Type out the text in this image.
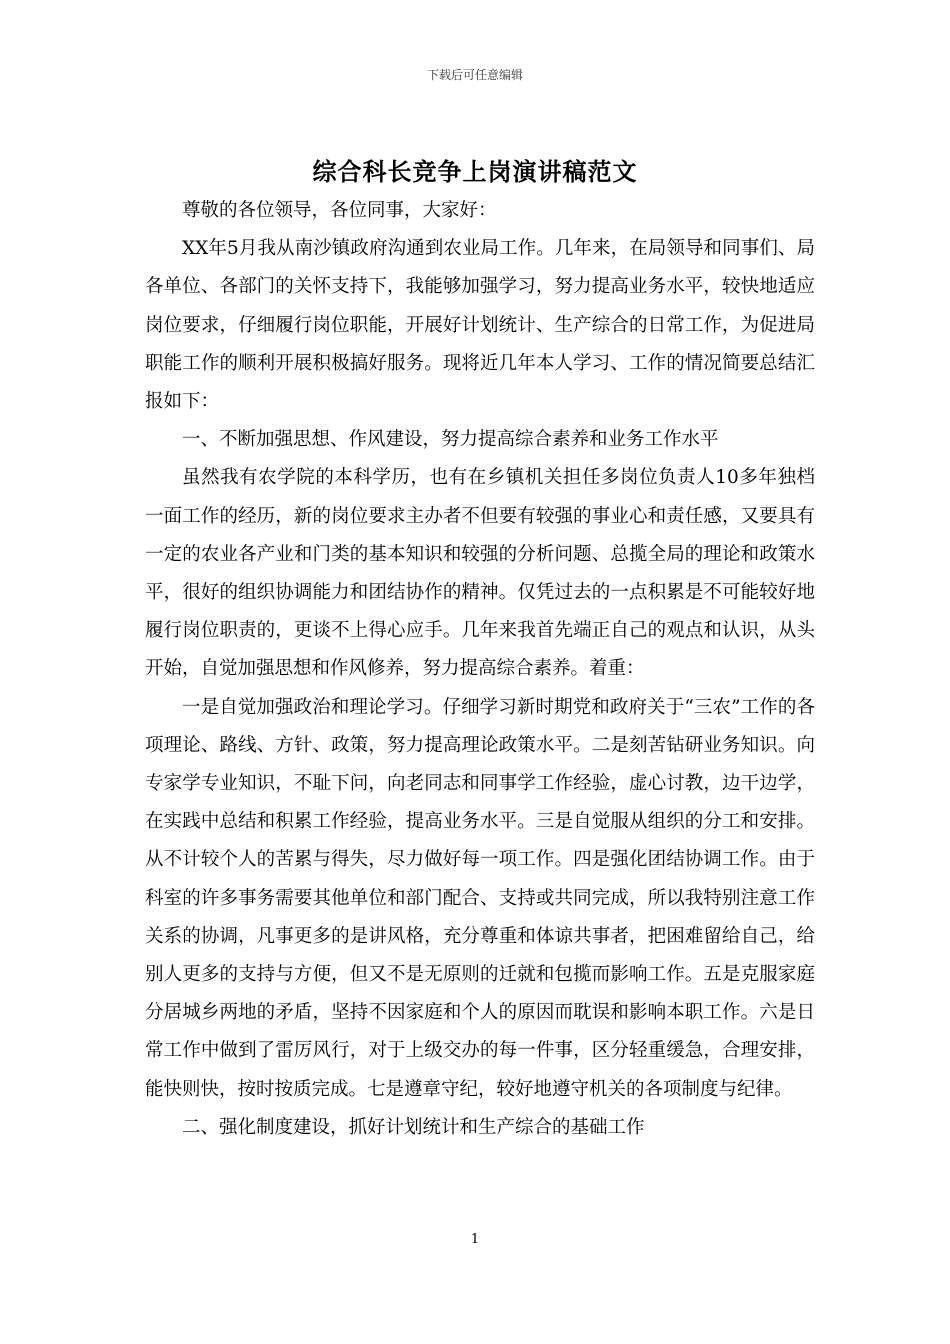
下载后可任意编辑
综合科长竞争上岗演讲稿范文

尊敬的各位领导，各位同事，大家好：

XX年5月我从南沙镇政府沟通到农业局工作。几年来，在局领导和同事们、局各单位、各部门的关怀支持下，我能够加强学习，努力提高业务水平，较快地适应岗位要求，仔细履行岗位职能，开展好计划统计、生产综合的日常工作，为促进局职能工作的顺利开展积极搞好服务。现将近几年本人学习、工作的情况简要总结汇报如下：

一、不断加强思想、作风建设，努力提高综合素养和业务工作水平

虽然我有农学院的本科学历，也有在乡镇机关担任多岗位负责人10多年独档一面工作的经历，新的岗位要求主办者不但要有较强的事业心和责任感，又要具有一定的农业各产业和门类的基本知识和较强的分析问题、总揽全局的理论和政策水平，很好的组织协调能力和团结协作的精神。仅凭过去的一点积累是不可能较好地履行岗位职责的，更谈不上得心应手。几年来我首先端正自己的观点和认识，从头开始，自觉加强思想和作风修养，努力提高综合素养。着重：

一是自觉加强政治和理论学习。仔细学习新时期党和政府关于“三农”工作的各项理论、路线、方针、政策，努力提高理论政策水平。二是刻苦钻研业务知识。向专家学专业知识，不耻下问，向老同志和同事学工作经验，虚心讨教，边干边学，在实践中总结和积累工作经验，提高业务水平。三是自觉服从组织的分工和安排。从不计较个人的苦累与得失，尽力做好每一项工作。四是强化团结协调工作。由于科室的许多事务需要其他单位和部门配合、支持或共同完成，所以我特别注意工作关系的协调，凡事更多的是讲风格，充分尊重和体谅共事者，把困难留给自己，给别人更多的支持与方便，但又不是无原则的迁就和包揽而影响工作。五是克服家庭分居城乡两地的矛盾，坚持不因家庭和个人的原因而耽误和影响本职工作。六是日常工作中做到了雷厉风行，对于上级交办的每一件事，区分轻重缓急，合理安排，能快则快，按时按质完成。七是遵章守纪，较好地遵守机关的各项制度与纪律。

二、强化制度建设，抓好计划统计和生产综合的基础工作

1
